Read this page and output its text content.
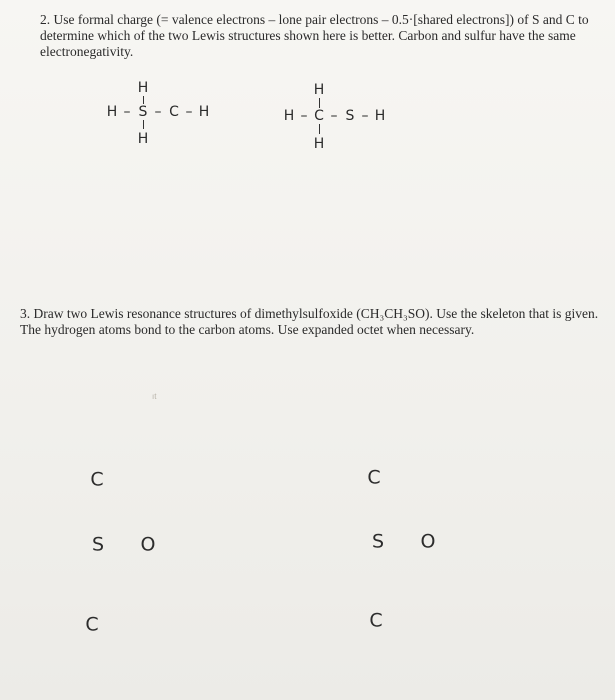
2. Use formal charge (= valence electrons – lone pair electrons – 0.5·[shared electrons]) of S and C to determine which of the two Lewis structures shown here is better. Carbon and sulfur have the same electronegativity.

H
H – S – C – H
H
H
H – C – S – H
H

3. Draw two Lewis resonance structures of dimethylsulfoxide (CH₃CH₃SO). Use the skeleton that is given. The hydrogen atoms bond to the carbon atoms. Use expanded octet when necessary.

ıt
C
S O
C
C
S O
C
